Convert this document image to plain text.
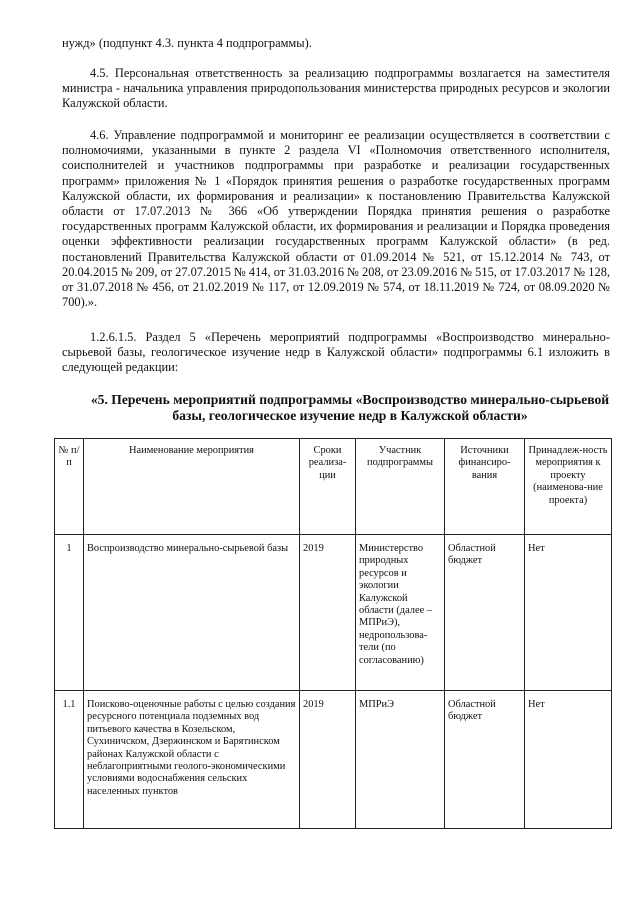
нужд» (подпункт 4.3. пункта 4 подпрограммы).

4.5. Персональная ответственность за реализацию подпрограммы возлагается на заместителя министра - начальника управления природопользования министерства природных ресурсов и экологии Калужской области.

4.6. Управление подпрограммой и мониторинг ее реализации осуществляется в соответствии с полномочиями, указанными в пункте 2 раздела VI «Полномочия ответственного исполнителя, соисполнителей и участников подпрограммы при разработке и реализации государственных программ» приложения № 1 «Порядок принятия решения о разработке государственных программ Калужской области, их формирования и реализации» к постановлению Правительства Калужской области от 17.07.2013 № 366 «Об утверждении Порядка принятия решения о разработке государственных программ Калужской области, их формирования и реализации и Порядка проведения оценки эффективности реализации государственных программ Калужской области» (в ред. постановлений Правительства Калужской области от 01.09.2014 № 521, от 15.12.2014 № 743, от 20.04.2015 № 209, от 27.07.2015 № 414, от 31.03.2016 № 208, от 23.09.2016 № 515, от 17.03.2017 № 128, от 31.07.2018 № 456, от 21.02.2019 № 117, от 12.09.2019 № 574, от 18.11.2019 № 724, от 08.09.2020 № 700).».

1.2.6.1.5. Раздел 5 «Перечень мероприятий подпрограммы «Воспроизводство минерально-сырьевой базы, геологическое изучение недр в Калужской области» подпрограммы 6.1 изложить в следующей редакции:

«5. Перечень мероприятий подпрограммы «Воспроизводство минерально-сырьевой базы, геологическое изучение недр в Калужской области»

№ п/п	Наименование мероприятия	Сроки реализа-ции	Участник подпрограммы	Источники финансиро-вания	Принадлеж-ность мероприятия к проекту (наименова-ние проекта)
1	Воспроизводство минерально-сырьевой базы	2019	Министерство природных ресурсов и экологии Калужской области (далее – МПРиЭ), недропользова-тели (по согласованию)	Областной бюджет	Нет
1.1	Поисково-оценочные работы с целью создания ресурсного потенциала подземных вод питьевого качества в Козельском, Сухиничском, Дзержинском и Барятинском районах Калужской области с неблагоприятными геолого-экономическими условиями водоснабжения сельских населенных пунктов	2019	МПРиЭ	Областной бюджет	Нет
